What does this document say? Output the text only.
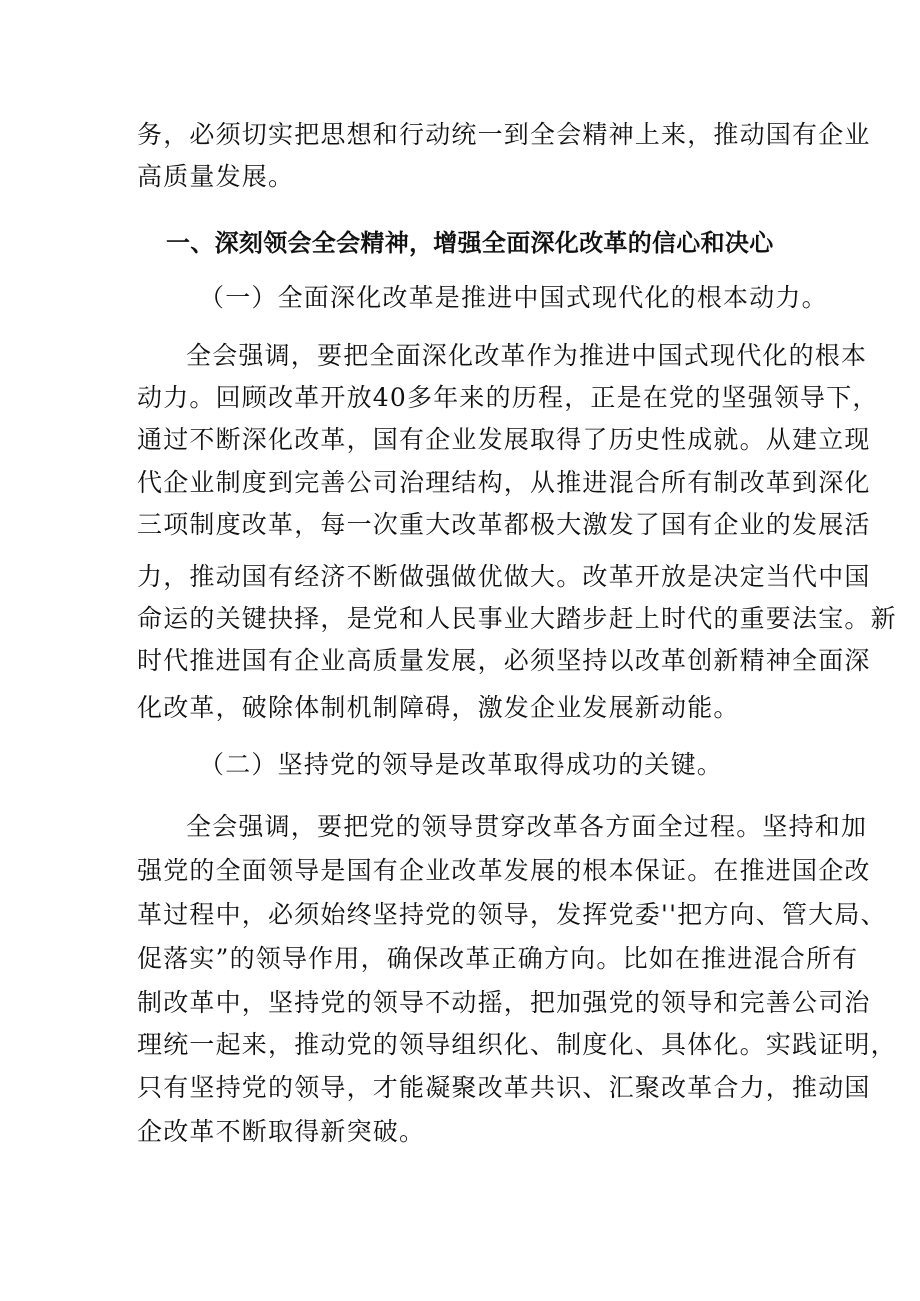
务，必须切实把思想和行动统一到全会精神上来，推动国有企业
高质量发展。
一、深刻领会全会精神，增强全面深化改革的信心和决心
（一）全面深化改革是推进中国式现代化的根本动力。
全会强调，要把全面深化改革作为推进中国式现代化的根本
动力。回顾改革开放40多年来的历程，正是在党的坚强领导下，
通过不断深化改革，国有企业发展取得了历史性成就。从建立现
代企业制度到完善公司治理结构，从推进混合所有制改革到深化
三项制度改革，每一次重大改革都极大激发了国有企业的发展活
力，推动国有经济不断做强做优做大。改革开放是决定当代中国
命运的关键抉择，是党和人民事业大踏步赶上时代的重要法宝。新
时代推进国有企业高质量发展，必须坚持以改革创新精神全面深
化改革，破除体制机制障碍，激发企业发展新动能。
（二）坚持党的领导是改革取得成功的关键。
全会强调，要把党的领导贯穿改革各方面全过程。坚持和加
强党的全面领导是国有企业改革发展的根本保证。在推进国企改
革过程中，必须始终坚持党的领导，发挥党委''把方向、管大局、
促落实”的领导作用，确保改革正确方向。比如在推进混合所有
制改革中，坚持党的领导不动摇，把加强党的领导和完善公司治
理统一起来，推动党的领导组织化、制度化、具体化。实践证明，
只有坚持党的领导，才能凝聚改革共识、汇聚改革合力，推动国
企改革不断取得新突破。
